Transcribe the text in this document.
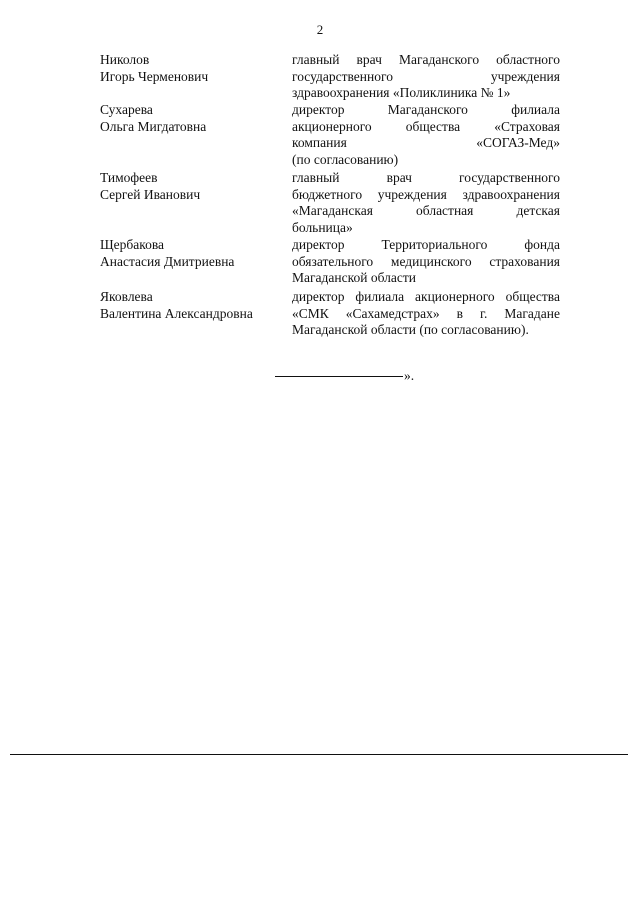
2
Николов
Игорь Черменович
главный врач Магаданского областного
государственного учреждения
здравоохранения «Поликлиника № 1»
Сухарева
Ольга Мигдатовна
директор Магаданского филиала
акционерного общества «Страховая
компания «СОГАЗ-Мед»
(по согласованию)
Тимофеев
Сергей Иванович
главный врач государственного
бюджетного учреждения здравоохранения
«Магаданская областная детская
больница»
Щербакова
Анастасия Дмитриевна
директор Территориального фонда
обязательного медицинского страхования
Магаданской области
Яковлева
Валентина Александровна
директор филиала акционерного общества
«СМК «Сахамедстрах» в г. Магадане
Магаданской области (по согласованию).
».
